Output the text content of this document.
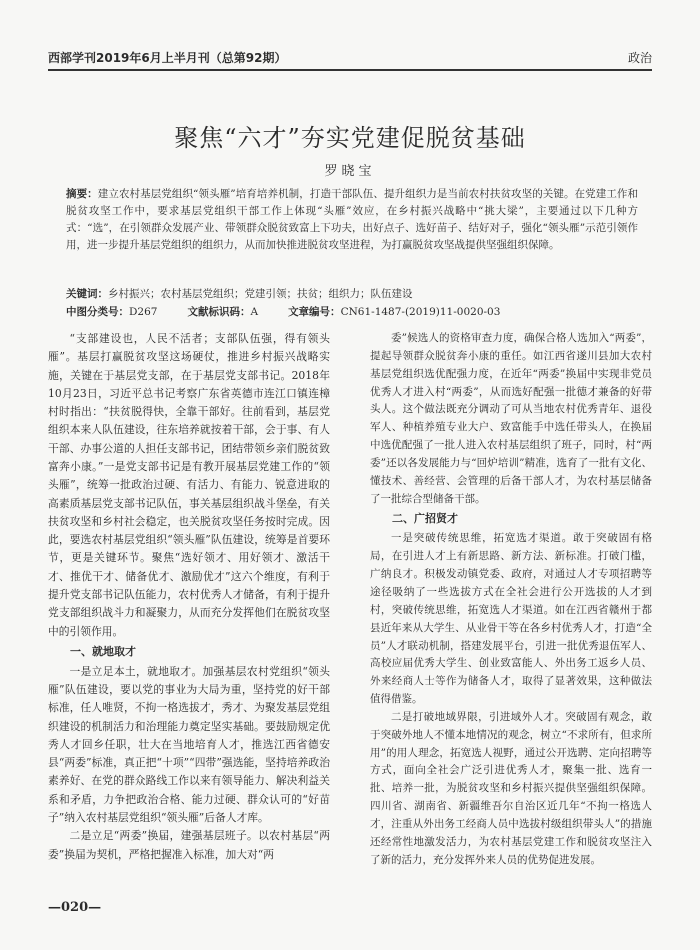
西部学刊2019年6月上半月刊（总第92期）	政治
聚焦“六才”夯实党建促脱贫基础
罗晓宝
摘要：建立农村基层党组织“领头雁”培育培养机制，打造干部队伍、提升组织力是当前农村扶贫攻坚的关键。在党建工作和脱贫攻坚工作中，要求基层党组织干部工作上体现“头雁”效应，在乡村振兴战略中“挑大梁”，主要通过以下几种方式：“选”，在引领群众发展产业、带领群众脱贫致富上下功夫，出好点子、选好苗子、结好对子，强化“领头雁”示范引领作用，进一步提升基层党组织的组织力，从而加快推进脱贫攻坚进程，为打赢脱贫攻坚战提供坚强组织保障。
关键词：乡村振兴；农村基层党组织；党建引领；扶贫；组织力；队伍建设
中图分类号：D267	文献标识码：A	文章编号：CN61-1487-(2019)11-0020-03

“支部建设也，人民不活者；支部队伍强，得有领头雁”。基层打赢脱贫攻坚这场硬仗，推进乡村振兴战略实施，关键在于基层党支部，在于基层党支部书记。2018年10月23日，习近平总书记考察广东省英德市连江口镇连樟村时指出：“扶贫脱得快，全靠干部好。往前看到，基层党组织本来人队伍建设，往东培养就按着干部，会于事、有人干部、办事公道的人担任支部书记，团结带领乡亲们脱贫致富奔小康。”一是党支部书记是有教开展基层党建工作的“领头雁”，统筹一批政治过硬、有活力、有能力、锐意进取的高素质基层党支部书记队伍，事关基层组织战斗堡垒，有关扶贫攻坚和乡村社会稳定，也关脱贫攻坚任务按时完成。因此，要选农村基层党组织“领头雁”队伍建设，统筹是首要环节，更是关键环节。聚焦“选好领才、用好领才、激活干才、推优干才、储备优才、激励优才”这六个维度，有利于提升党支部书记队伍能力，农村优秀人才储备，有利于提升党支部组织战斗力和凝聚力，从而充分发挥他们在脱贫攻坚中的引领作用。

一、就地取才

一是立足本土，就地取才。加强基层农村党组织“领头雁”队伍建设，要以党的事业为大局为重，坚持党的好干部标准，任人唯贤，不拘一格选拔才，秀才、为聚发基层党组织建设的机制活力和治理能力奠定坚实基础。要鼓励规定优秀人才回乡任职，壮大在当地培育人才，推选江西省德安县“两委”标准，真正把“十项”“四带”强选能，坚持培养政治素养好、在党的群众路线工作以来有领导能力、解决利益关系和矛盾，力争把政治合格、能力过硬、群众认可的“好苗子”纳入农村基层党组织“领头雁”后备人才库。

二是立足“两委”换届，建强基层班子。以农村基层“两委”换届为契机，严格把握准入标准，加大对“两

委”候选人的资格审查力度，确保合格人选加入“两委”，提起导领群众脱贫奔小康的重任。如江西省遂川县加大农村基层党组织选优配强力度，在近年“两委”换届中实现非党员优秀人才进入村“两委”，从而选好配强一批德才兼备的好带头人。这个做法既充分调动了可从当地农村优秀青年、退役军人、种植养殖专业大户、致富能手中选任带头人，在换届中选优配强了一批人进入农村基层组织了班子，同时，村“两委”还以各发展能力与“回炉培训”精准，选育了一批有文化、懂技术、善经营、会管理的后备干部人才，为农村基层储备了一批综合型储备干部。

二、广招贤才

一是突破传统思维，拓宽选才渠道。敢于突破固有格局，在引进人才上有新思路、新方法、新标准。打破门槛，广纳良才。积极发动镇党委、政府，对通过人才专项招聘等途径吸纳了一些选拔方式在全社会进行公开选拔的人才到村，突破传统思维，拓宽选人才渠道。如在江西省赣州于都县近年来从大学生、从业骨干等在各乡村优秀人才，打造“全员”人才联动机制，搭建发展平台，引进一批优秀退伍军人、高校应届优秀大学生、创业致富能人、外出务工返乡人员、外来经商人士等作为储备人才，取得了显著效果，这种做法值得借鉴。

二是打破地域界限，引进域外人才。突破固有观念，敢于突破外地人不懂本地情况的观念，树立“不求所有，但求所用”的用人理念，拓宽选人视野，通过公开选聘、定向招聘等方式，面向全社会广泛引进优秀人才，聚集一批、选育一批、培养一批，为脱贫攻坚和乡村振兴提供坚强组织保障。四川省、湖南省、新疆维吾尔自治区近几年“不拘一格选人才，注重从外出务工经商人员中选拔村级组织带头人”的措施还经常性地激发活力，为农村基层党建工作和脱贫攻坚注入了新的活力，充分发挥外来人员的优势促进发展。

—020—
